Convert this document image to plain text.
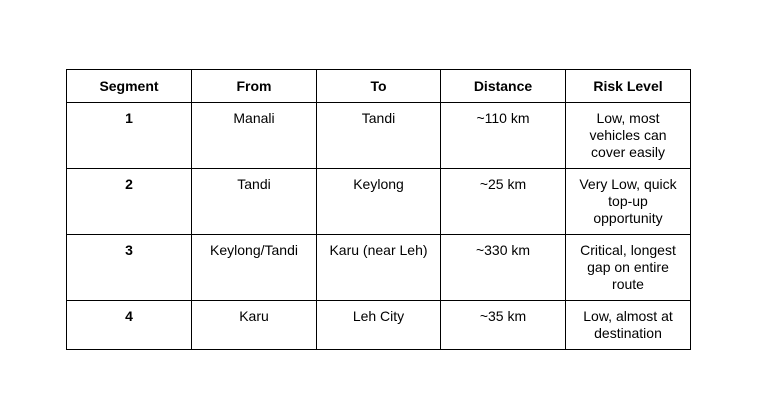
Segment	From	To	Distance	Risk Level
1	Manali	Tandi	~110 km	Low, most vehicles can cover easily
2	Tandi	Keylong	~25 km	Very Low, quick top-up opportunity
3	Keylong/Tandi	Karu (near Leh)	~330 km	Critical, longest gap on entire route
4	Karu	Leh City	~35 km	Low, almost at destination
